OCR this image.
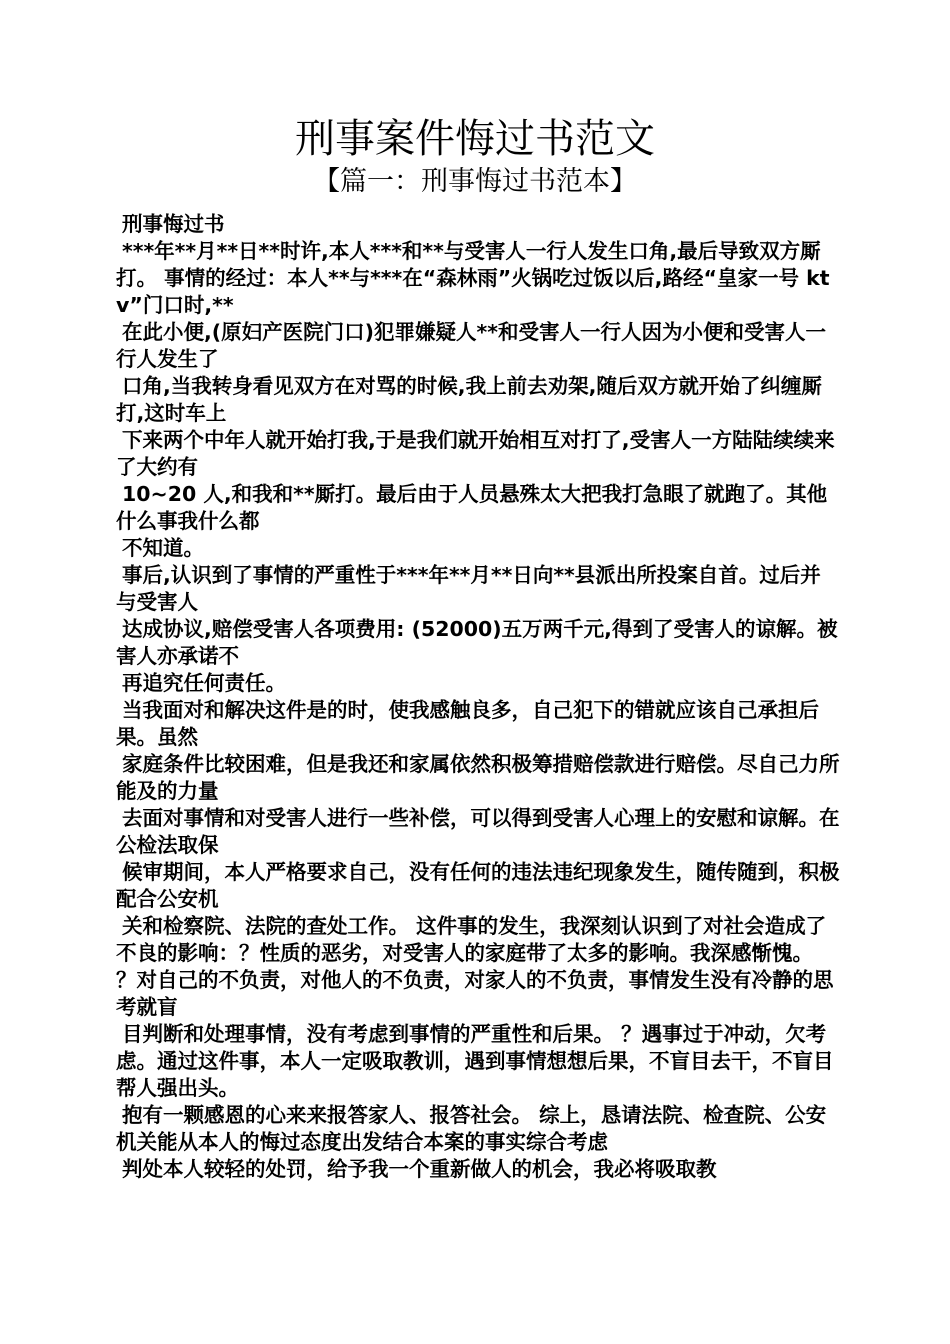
刑事案件悔过书范文
【篇一：刑事悔过书范本】

刑事悔过书

***年**月**日**时许,本人***和**与受害人一行人发生口角,最后导致双方厮打。 事情的经过：本人**与***在“森林雨”火锅吃过饭以后,路经“皇家一号 ktv”门口时,**

在此小便,(原妇产医院门口)犯罪嫌疑人**和受害人一行人因为小便和受害人一行人发生了

口角,当我转身看见双方在对骂的时候,我上前去劝架,随后双方就开始了纠缠厮打,这时车上

下来两个中年人就开始打我,于是我们就开始相互对打了,受害人一方陆陆续续来了大约有

10~20 人,和我和**厮打。最后由于人员悬殊太大把我打急眼了就跑了。其他什么事我什么都

不知道。

事后,认识到了事情的严重性于***年**月**日向**县派出所投案自首。过后并与受害人

达成协议,赔偿受害人各项费用: (52000)五万两千元,得到了受害人的谅解。被害人亦承诺不

再追究任何责任。

当我面对和解决这件是的时，使我感触良多，自己犯下的错就应该自己承担后果。虽然

家庭条件比较困难，但是我还和家属依然积极筹措赔偿款进行赔偿。尽自己力所能及的力量

去面对事情和对受害人进行一些补偿，可以得到受害人心理上的安慰和谅解。在公检法取保

候审期间，本人严格要求自己，没有任何的违法违纪现象发生，随传随到，积极配合公安机

关和检察院、法院的查处工作。 这件事的发生，我深刻认识到了对社会造成了不良的影响：？性质的恶劣，对受害人的家庭带了太多的影响。我深感惭愧。 ？对自己的不负责，对他人的不负责，对家人的不负责，事情发生没有冷静的思考就盲

目判断和处理事情，没有考虑到事情的严重性和后果。 ？遇事过于冲动，欠考虑。通过这件事，本人一定吸取教训，遇到事情想想后果，不盲目去干，不盲目帮人强出头。

抱有一颗感恩的心来来报答家人、报答社会。 综上，恳请法院、检查院、公安机关能从本人的悔过态度出发结合本案的事实综合考虑

判处本人较轻的处罚，给予我一个重新做人的机会，我必将吸取教
